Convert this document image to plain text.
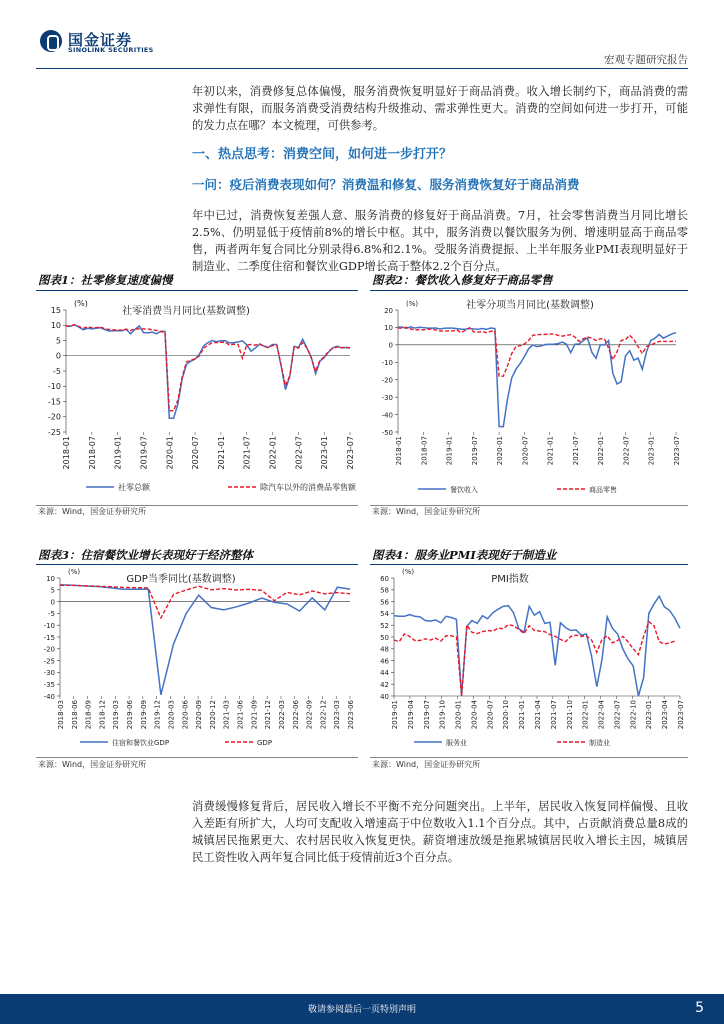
国金证券
SINOLINK SECURITIES
宏观专题研究报告
年初以来，消费修复总体偏慢，服务消费恢复明显好于商品消费。收入增长制约下，商品消费的需求弹性有限，而服务消费受消费结构升级推动、需求弹性更大。消费的空间如何进一步打开，可能的发力点在哪？本文梳理，可供参考。
一、热点思考：消费空间，如何进一步打开？
一问：疫后消费表现如何？消费温和修复、服务消费恢复好于商品消费
年中已过，消费恢复差强人意、服务消费的修复好于商品消费。7月，社会零售消费当月同比增长2.5%、仍明显低于疫情前8%的增长中枢。其中，服务消费以餐饮服务为例、增速明显高于商品零售，两者两年复合同比分别录得6.8%和2.1%。受服务消费提振、上半年服务业PMI表现明显好于制造业、二季度住宿和餐饮业GDP增长高于整体2.2个百分点。
图表1：社零修复速度偏慢	图表2：餐饮收入修复好于商品零售
15
10
5
0
-5
-10
-15
-20
-25
(%)
社零消费当月同比(基数调整)
2018-01 2018-07 2019-01 2019-07 2020-01 2020-07 2021-01 2021-07 2022-01 2022-07 2023-01 2023-07
社零总额	除汽车以外的消费品零售额
20
10
0
-10
-20
-30
-40
-50
(%)	社零分项当月同比(基数调整)
2018-01 2018-07 2019-01 2019-07 2020-01 2020-07 2021-01 2021-07 2022-01 2022-07 2023-01 2023-07
餐饮收入	商品零售
来源：Wind，国金证券研究所	来源：Wind，国金证券研究所
图表3：住宿餐饮业增长表现好于经济整体	图表4：服务业PMI表现好于制造业
10
5
0
-5
-10
-15
-20
-25
-30
-35
-40
(%)
GDP当季同比(基数调整)
2018-03 2018-06 2018-09 2018-12 2019-03 2019-06 2019-09 2019-12 2020-03 2020-06 2020-09 2020-12 2021-03 2021-06 2021-09 2021-12 2022-03 2022-06 2022-09 2022-12 2023-03 2023-06
住宿和餐饮业GDP	GDP
60
58
56
54
52
50
48
46
44
42
40
(%)
PMI指数
2019-01 2019-04 2019-07 2019-10 2020-01 2020-04 2020-07 2020-10 2021-01 2021-04 2021-07 2021-10 2022-01 2022-04 2022-07 2022-10 2023-01 2023-04 2023-07
服务业	制造业
来源：Wind，国金证券研究所	来源：Wind，国金证券研究所
消费缓慢修复背后，居民收入增长不平衡不充分问题突出。上半年，居民收入恢复同样偏慢、且收入差距有所扩大，人均可支配收入增速高于中位数收入1.1个百分点。其中，占贡献消费总量8成的城镇居民拖累更大、农村居民收入恢复更快。薪资增速放缓是拖累城镇居民收入增长主因，城镇居民工资性收入两年复合同比低于疫情前近3个百分点。
敬请参阅最后一页特别声明	5
